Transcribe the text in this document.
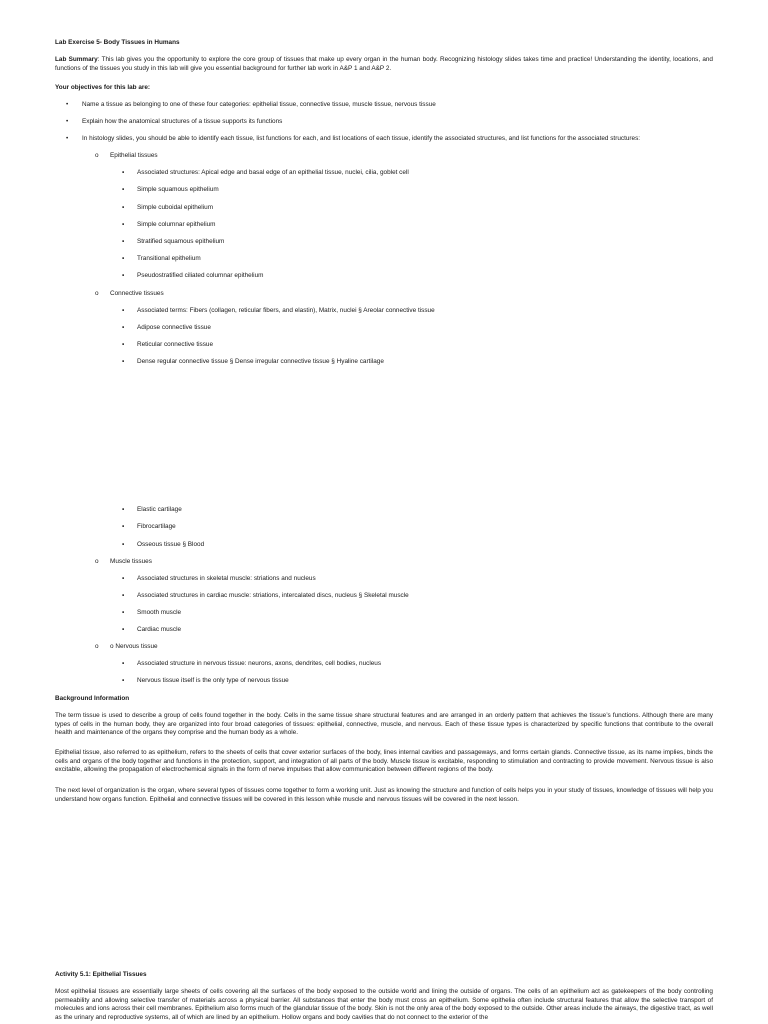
Lab Exercise 5- Body Tissues in Humans
Lab Summary: This lab gives you the opportunity to explore the core group of tissues that make up every organ in the human body. Recognizing histology slides takes time and practice! Understanding the identity, locations, and functions of the tissues you study in this lab will give you essential background for further lab work in A&P 1 and A&P 2.
Your objectives for this lab are:
• Name a tissue as belonging to one of these four categories: epithelial tissue, connective tissue, muscle tissue, nervous tissue
• Explain how the anatomical structures of a tissue supports its functions
• In histology slides, you should be able to identify each tissue, list functions for each, and list locations of each tissue, identify the associated structures, and list functions for the associated structures:
o Epithelial tissues
▪ Associated structures: Apical edge and basal edge of an epithelial tissue, nuclei, cilia, goblet cell
▪ Simple squamous epithelium
▪ Simple cuboidal epithelium
▪ Simple columnar epithelium
▪ Stratified squamous epithelium
▪ Transitional epithelium
▪ Pseudostratified ciliated columnar epithelium
o Connective tissues
▪ Associated terms: Fibers (collagen, reticular fibers, and elastin), Matrix, nuclei § Areolar connective tissue
▪ Adipose connective tissue
▪ Reticular connective tissue
▪ Dense regular connective tissue § Dense irregular connective tissue § Hyaline cartilage
▪ Elastic cartilage
▪ Fibrocartilage
▪ Osseous tissue § Blood
o Muscle tissues
▪ Associated structures in skeletal muscle: striations and nucleus
▪ Associated structures in cardiac muscle: striations, intercalated discs, nucleus § Skeletal muscle
▪ Smooth muscle
▪ Cardiac muscle
o o Nervous tissue
▪ Associated structure in nervous tissue: neurons, axons, dendrites, cell bodies, nucleus
▪ Nervous tissue itself is the only type of nervous tissue
Background Information
The term tissue is used to describe a group of cells found together in the body. Cells in the same tissue share structural features and are arranged in an orderly pattern that achieves the tissue’s functions. Although there are many types of cells in the human body, they are organized into four broad categories of tissues: epithelial, connective, muscle, and nervous. Each of these tissue types is characterized by specific functions that contribute to the overall health and maintenance of the organs they comprise and the human body as a whole.
Epithelial tissue, also referred to as epithelium, refers to the sheets of cells that cover exterior surfaces of the body, lines internal cavities and passageways, and forms certain glands. Connective tissue, as its name implies, binds the cells and organs of the body together and functions in the protection, support, and integration of all parts of the body. Muscle tissue is excitable, responding to stimulation and contracting to provide movement. Nervous tissue is also excitable, allowing the propagation of electrochemical signals in the form of nerve impulses that allow communication between different regions of the body.
The next level of organization is the organ, where several types of tissues come together to form a working unit. Just as knowing the structure and function of cells helps you in your study of tissues, knowledge of tissues will help you understand how organs function. Epithelial and connective tissues will be covered in this lesson while muscle and nervous tissues will be covered in the next lesson.
Activity 5.1: Epithelial Tissues
Most epithelial tissues are essentially large sheets of cells covering all the surfaces of the body exposed to the outside world and lining the outside of organs. The cells of an epithelium act as gatekeepers of the body controlling permeability and allowing selective transfer of materials across a physical barrier. All substances that enter the body must cross an epithelium. Some epithelia often include structural features that allow the selective transport of molecules and ions across their cell membranes. Epithelium also forms much of the glandular tissue of the body. Skin is not the only area of the body exposed to the outside. Other areas include the airways, the digestive tract, as well as the urinary and reproductive systems, all of which are lined by an epithelium. Hollow organs and body cavities that do not connect to the exterior of the
